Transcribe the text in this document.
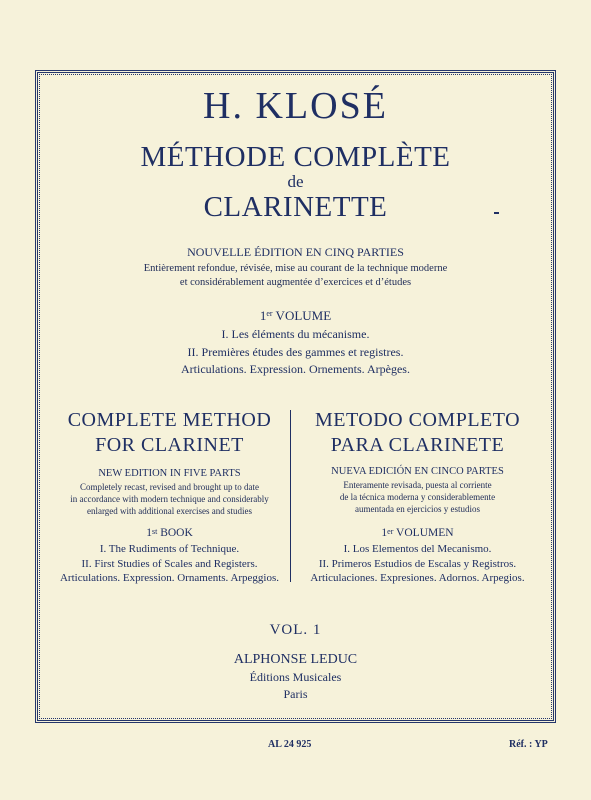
H. KLOSÉ
MÉTHODE COMPLÈTE
de
CLARINETTE
NOUVELLE ÉDITION EN CINQ PARTIES
Entièrement refondue, révisée, mise au courant de la technique moderne
et considérablement augmentée d’exercices et d’études
1er VOLUME
I. Les éléments du mécanisme.
II. Premières études des gammes et registres.
Articulations. Expression. Ornements. Arpèges.
COMPLETE METHOD
FOR CLARINET
NEW EDITION IN FIVE PARTS
Completely recast, revised and brought up to date
in accordance with modern technique and considerably
enlarged with additional exercises and studies
1st BOOK
I. The Rudiments of Technique.
II. First Studies of Scales and Registers.
Articulations. Expression. Ornaments. Arpeggios.
METODO COMPLETO
PARA CLARINETE
NUEVA EDICIÓN EN CINCO PARTES
Enteramente revisada, puesta al corriente
de la técnica moderna y considerablemente
aumentada en ejercicios y estudios
1er VOLUMEN
I. Los Elementos del Mecanismo.
II. Primeros Estudios de Escalas y Registros.
Articulaciones. Expresiones. Adornos. Arpegios.
VOL. 1
ALPHONSE LEDUC
Éditions Musicales
Paris
AL 24 925	Réf. : YP
